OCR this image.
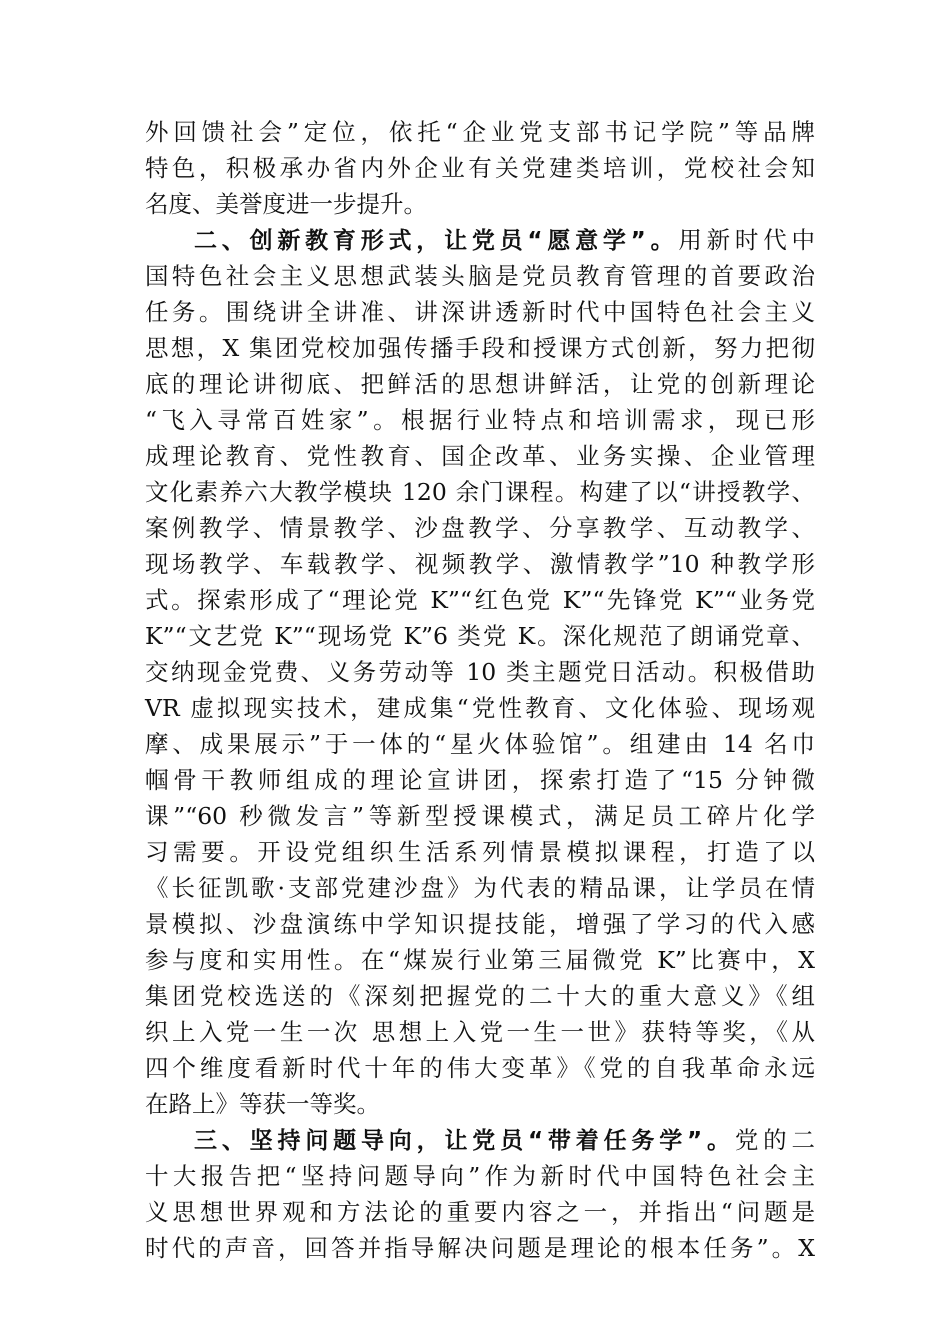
外回馈社会”定位，依托“企业党支部书记学院”等品牌
特色，积极承办省内外企业有关党建类培训，党校社会知
名度、美誉度进一步提升。
二、创新教育形式，让党员“愿意学”。用新时代中
国特色社会主义思想武装头脑是党员教育管理的首要政治
任务。围绕讲全讲准、讲深讲透新时代中国特色社会主义
思想，X 集团党校加强传播手段和授课方式创新，努力把彻
底的理论讲彻底、把鲜活的思想讲鲜活，让党的创新理论
“飞入寻常百姓家”。根据行业特点和培训需求，现已形
成理论教育、党性教育、国企改革、业务实操、企业管理
文化素养六大教学模块 120 余门课程。构建了以“讲授教学、
案例教学、情景教学、沙盘教学、分享教学、互动教学、
现场教学、车载教学、视频教学、激情教学”10 种教学形
式。探索形成了“理论党 K”“红色党 K”“先锋党 K”“业务党
K”“文艺党 K”“现场党 K”6 类党 K。深化规范了朗诵党章、
交纳现金党费、义务劳动等 10 类主题党日活动。积极借助
VR 虚拟现实技术，建成集“党性教育、文化体验、现场观
摩、成果展示”于一体的“星火体验馆”。组建由 14 名巾
帼骨干教师组成的理论宣讲团，探索打造了“15 分钟微
课”“60 秒微发言”等新型授课模式，满足员工碎片化学
习需要。开设党组织生活系列情景模拟课程，打造了以
《长征凯歌·支部党建沙盘》为代表的精品课，让学员在情
景模拟、沙盘演练中学知识提技能，增强了学习的代入感
参与度和实用性。在“煤炭行业第三届微党 K”比赛中，X
集团党校选送的《深刻把握党的二十大的重大意义》《组
织上入党一生一次 思想上入党一生一世》获特等奖，《从
四个维度看新时代十年的伟大变革》《党的自我革命永远
在路上》等获一等奖。
三、坚持问题导向，让党员“带着任务学”。党的二
十大报告把“坚持问题导向”作为新时代中国特色社会主
义思想世界观和方法论的重要内容之一，并指出“问题是
时代的声音，回答并指导解决问题是理论的根本任务”。X
